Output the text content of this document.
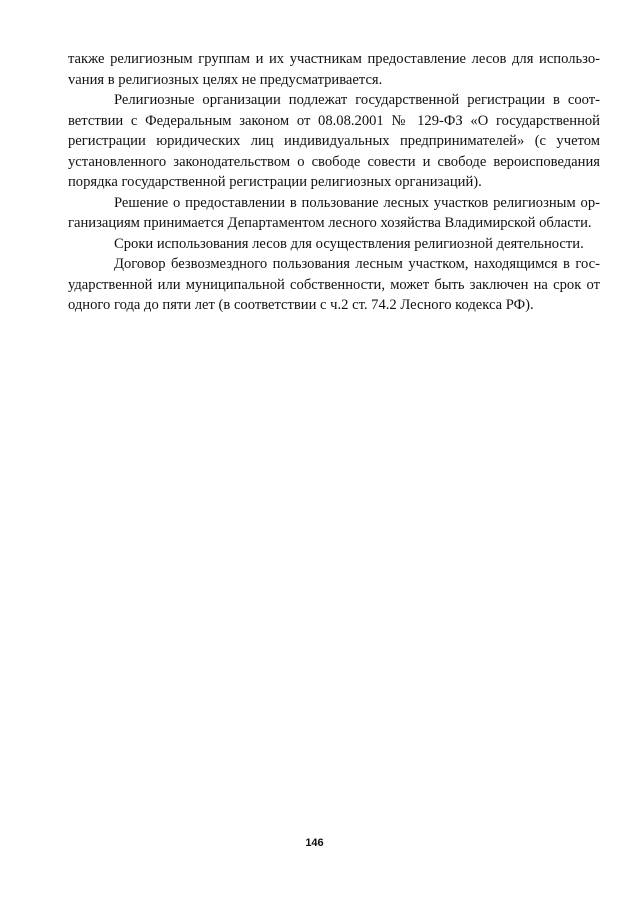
также религиозным группам и их участникам предоставление лесов для использоvания в религиозных целях не предусматривается.

Религиозные организации подлежат государственной регистрации в соответствии с Федеральным законом от 08.08.2001 № 129-ФЗ «О государственной регистрации юридических лиц индивидуальных предпринимателей» (с учетом установленного законодательством о свободе совести и свободе вероисповедания порядка государственной регистрации религиозных организаций).

Решение о предоставлении в пользование лесных участков религиозным организациям принимается Департаментом лесного хозяйства Владимирской области.

Сроки использования лесов для осуществления религиозной деятельности.

Договор безвозмездного пользования лесным участком, находящимся в государственной или муниципальной собственности, может быть заключен на срок от одного года до пяти лет (в соответствии с ч.2 ст. 74.2 Лесного кодекса РФ).

146
